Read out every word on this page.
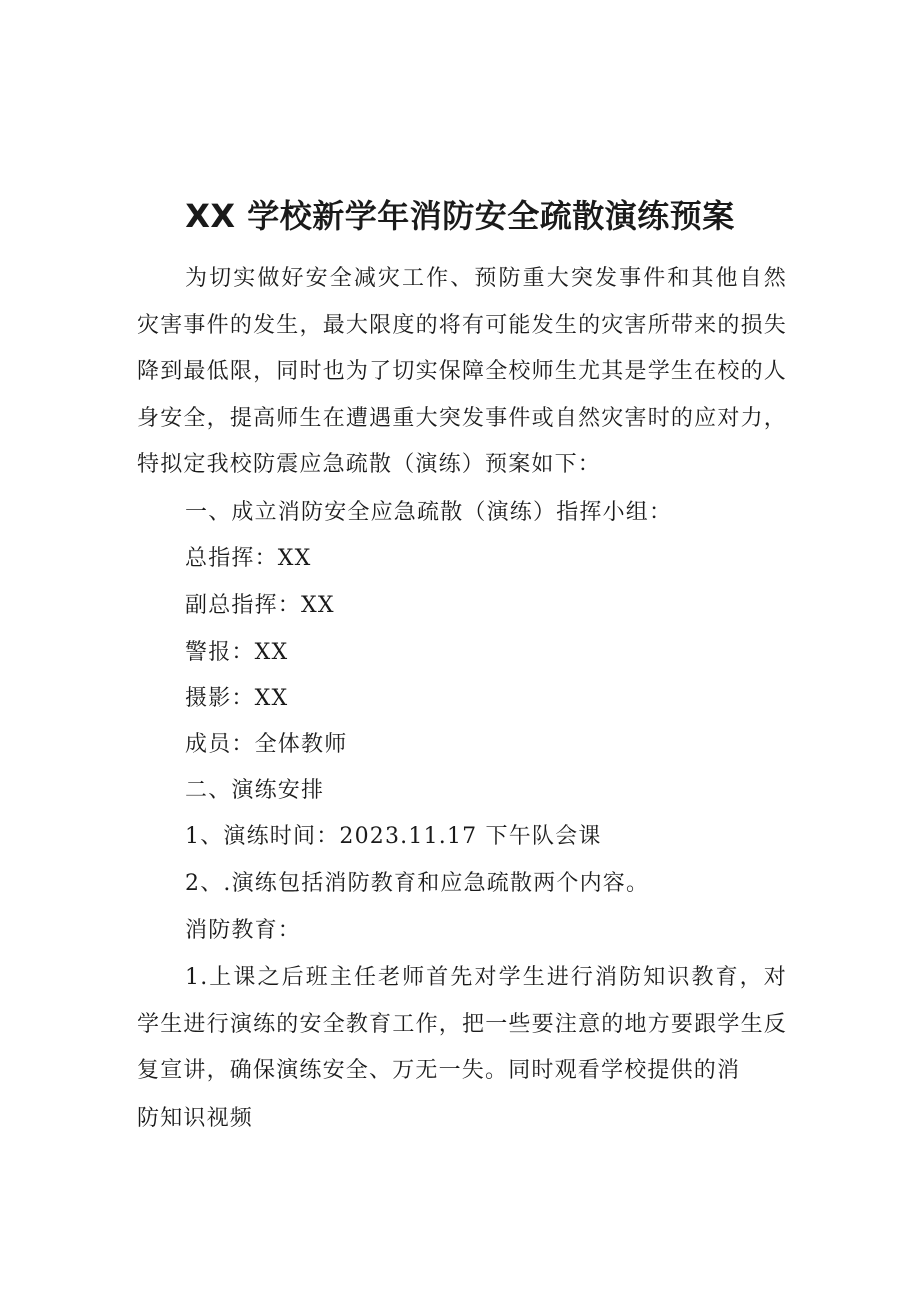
XX 学校新学年消防安全疏散演练预案

为切实做好安全减灾工作、预防重大突发事件和其他自然灾害事件的发生，最大限度的将有可能发生的灾害所带来的损失降到最低限，同时也为了切实保障全校师生尤其是学生在校的人身安全，提高师生在遭遇重大突发事件或自然灾害时的应对力，特拟定我校防震应急疏散（演练）预案如下：

一、成立消防安全应急疏散（演练）指挥小组：

总指挥：XX

副总指挥：XX

警报：XX

摄影：XX

成员：全体教师

二、演练安排

1、演练时间：2023.11.17 下午队会课

2、.演练包括消防教育和应急疏散两个内容。

消防教育：

1.上课之后班主任老师首先对学生进行消防知识教育，对学生进行演练的安全教育工作，把一些要注意的地方要跟学生反复宣讲，确保演练安全、万无一失。同时观看学校提供的消

防知识视频
